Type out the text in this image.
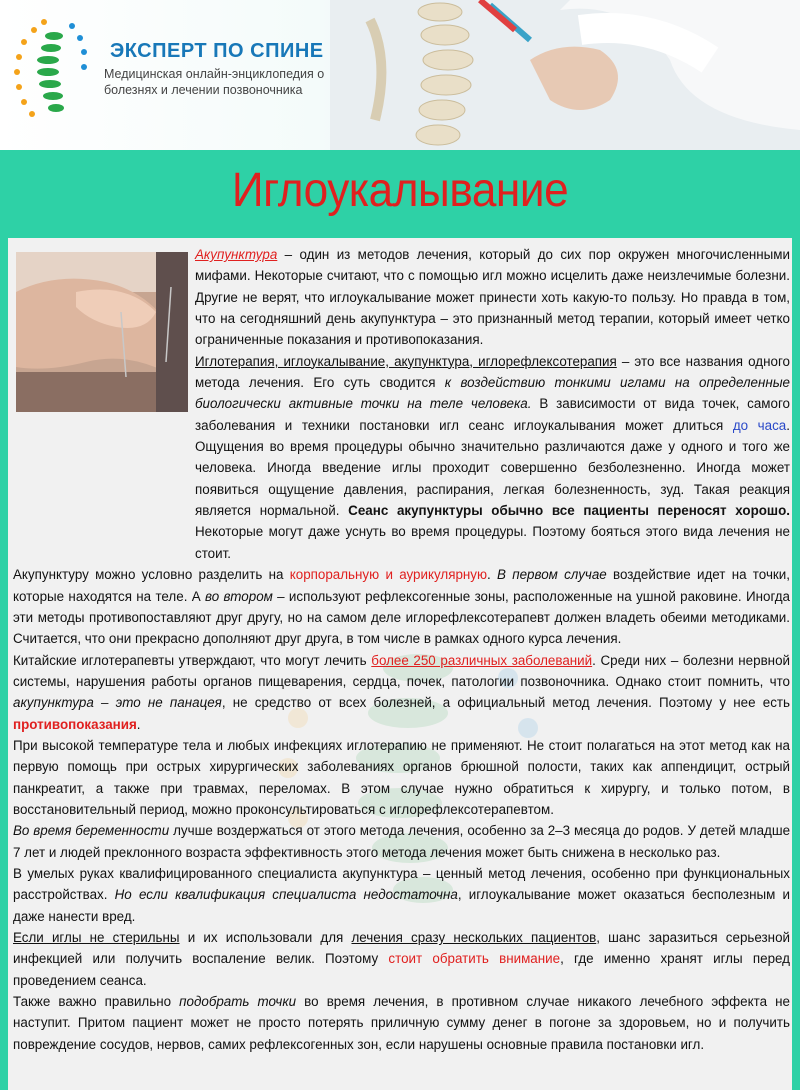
ЭКСПЕРТ ПО СПИНЕ
Медицинская онлайн-энциклопедия о болезнях и лечении позвоночника
Иглоукалывание

Акупунктура – один из методов лечения, который до сих пор окружен многочисленными мифами. Некоторые считают, что с помощью игл можно исцелить даже неизлечимые болезни. Другие не верят, что иглоукалывание может принести хоть какую-то пользу. Но правда в том, что на сегодняшний день акупунктура – это признанный метод терапии, который имеет четко ограниченные показания и противопоказания.

Иглотерапия, иглоукалывание, акупунктура, иглорефлексотерапия – это все названия одного метода лечения. Его суть сводится к воздействию тонкими иглами на определенные биологически активные точки на теле человека. В зависимости от вида точек, самого заболевания и техники постановки игл сеанс иглоукалывания может длиться до часа. Ощущения во время процедуры обычно значительно различаются даже у одного и того же человека. Иногда введение иглы проходит совершенно безболезненно. Иногда может появиться ощущение давления, распирания, легкая болезненность, зуд. Такая реакция является нормальной. Сеанс акупунктуры обычно все пациенты переносят хорошо. Некоторые могут даже уснуть во время процедуры. Поэтому бояться этого вида лечения не стоит.

Акупунктуру можно условно разделить на корпоральную и аурикулярную. В первом случае воздействие идет на точки, которые находятся на теле. А во втором – используют рефлексогенные зоны, расположенные на ушной раковине. Иногда эти методы противопоставляют друг другу, но на самом деле иглорефлексотерапевт должен владеть обеими методиками. Считается, что они прекрасно дополняют друг друга, в том числе в рамках одного курса лечения.

Китайские иглотерапевты утверждают, что могут лечить более 250 различных заболеваний. Среди них – болезни нервной системы, нарушения работы органов пищеварения, сердца, почек, патологии позвоночника. Однако стоит помнить, что акупунктура – это не панацея, не средство от всех болезней, а официальный метод лечения. Поэтому у нее есть противопоказания.

При высокой температуре тела и любых инфекциях иглотерапию не применяют. Не стоит полагаться на этот метод как на первую помощь при острых хирургических заболеваниях органов брюшной полости, таких как аппендицит, острый панкреатит, а также при травмах, переломах. В этом случае нужно обратиться к хирургу, и только потом, в восстановительный период, можно проконсультироваться с иглорефлексотерапевтом.

Во время беременности лучше воздержаться от этого метода лечения, особенно за 2–3 месяца до родов. У детей младше 7 лет и людей преклонного возраста эффективность этого метода лечения может быть снижена в несколько раз.

В умелых руках квалифицированного специалиста акупунктура – ценный метод лечения, особенно при функциональных расстройствах. Но если квалификация специалиста недостаточна, иглоукалывание может оказаться бесполезным и даже нанести вред.

Если иглы не стерильны и их использовали для лечения сразу нескольких пациентов, шанс заразиться серьезной инфекцией или получить воспаление велик. Поэтому стоит обратить внимание, где именно хранят иглы перед проведением сеанса.

Также важно правильно подобрать точки во время лечения, в противном случае никакого лечебного эффекта не наступит. Притом пациент может не просто потерять приличную сумму денег в погоне за здоровьем, но и получить повреждение сосудов, нервов, самих рефлексогенных зон, если нарушены основные правила постановки игл.
